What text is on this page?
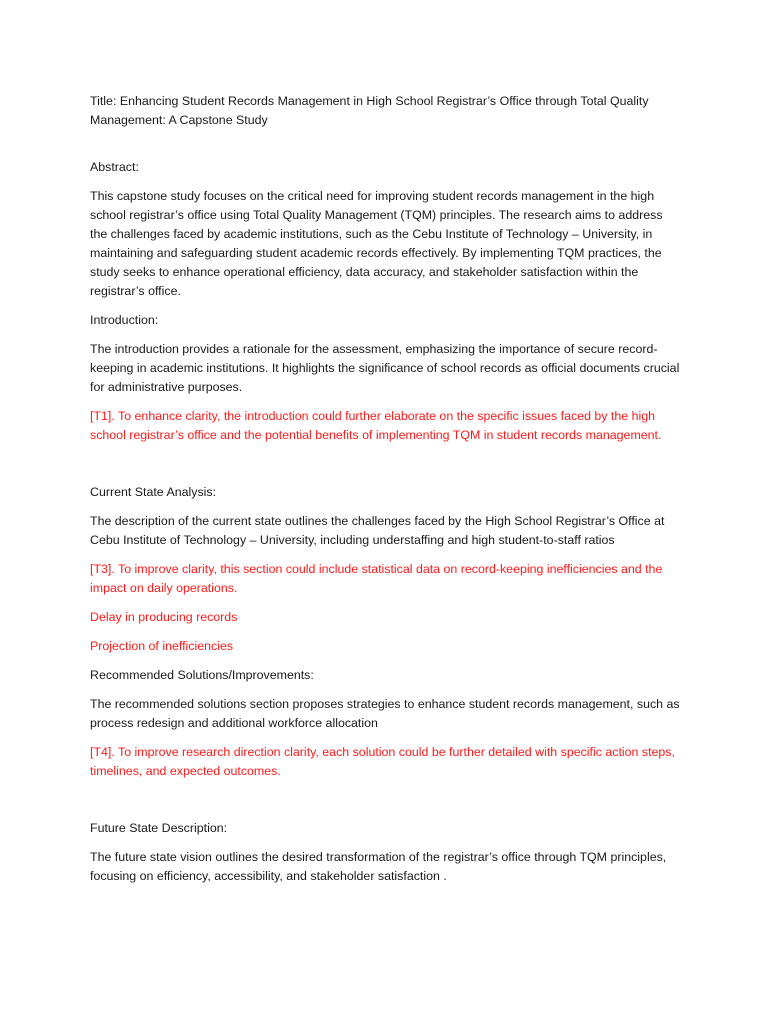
Title: Enhancing Student Records Management in High School Registrar’s Office through Total Quality Management: A Capstone Study

Abstract:

This capstone study focuses on the critical need for improving student records management in the high school registrar’s office using Total Quality Management (TQM) principles. The research aims to address the challenges faced by academic institutions, such as the Cebu Institute of Technology – University, in maintaining and safeguarding student academic records effectively. By implementing TQM practices, the study seeks to enhance operational efficiency, data accuracy, and stakeholder satisfaction within the registrar’s office.

Introduction:

The introduction provides a rationale for the assessment, emphasizing the importance of secure record-keeping in academic institutions. It highlights the significance of school records as official documents crucial for administrative purposes.

[T1]. To enhance clarity, the introduction could further elaborate on the specific issues faced by the high school registrar’s office and the potential benefits of implementing TQM in student records management.

Current State Analysis:

The description of the current state outlines the challenges faced by the High School Registrar’s Office at Cebu Institute of Technology – University, including understaffing and high student-to-staff ratios

[T3]. To improve clarity, this section could include statistical data on record-keeping inefficiencies and the impact on daily operations.

Delay in producing records

Projection of inefficiencies

Recommended Solutions/Improvements:

The recommended solutions section proposes strategies to enhance student records management, such as process redesign and additional workforce allocation

[T4]. To improve research direction clarity, each solution could be further detailed with specific action steps, timelines, and expected outcomes.

Future State Description:

The future state vision outlines the desired transformation of the registrar’s office through TQM principles, focusing on efficiency, accessibility, and stakeholder satisfaction .
